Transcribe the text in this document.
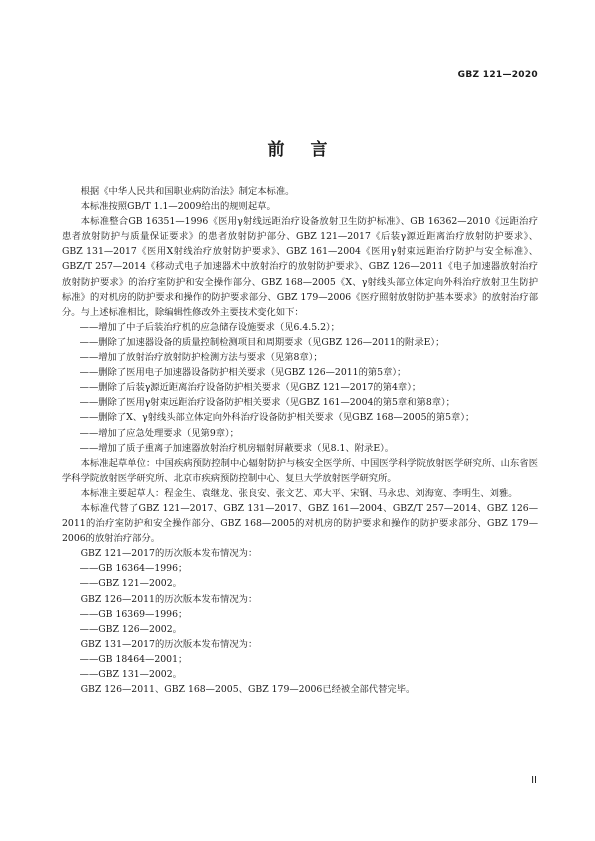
GBZ 121—2020
前 言

根据《中华人民共和国职业病防治法》制定本标准。

本标准按照GB/T 1.1—2009给出的规则起草。

本标准整合GB 16351—1996《医用γ射线远距治疗设备放射卫生防护标准》、GB 16362—2010《远距治疗患者放射防护与质量保证要求》的患者放射防护部分、GBZ 121—2017《后装γ源近距离治疗放射防护要求》、GBZ 131—2017《医用X射线治疗放射防护要求》、GBZ 161—2004《医用γ射束远距治疗防护与安全标准》、GBZ/T 257—2014《移动式电子加速器术中放射治疗的放射防护要求》、GBZ 126—2011《电子加速器放射治疗放射防护要求》的治疗室防护和安全操作部分、GBZ 168—2005《X、γ射线头部立体定向外科治疗放射卫生防护标准》的对机房的防护要求和操作的防护要求部分、GBZ 179—2006《医疗照射放射防护基本要求》的放射治疗部分。与上述标准相比，除编辑性修改外主要技术变化如下：

——增加了中子后装治疗机的应急储存设施要求（见6.4.5.2）；

——删除了加速器设备的质量控制检测项目和周期要求（见GBZ 126—2011的附录E）；

——增加了放射治疗放射防护检测方法与要求（见第8章）；

——删除了医用电子加速器设备防护相关要求（见GBZ 126—2011的第5章）；

——删除了后装γ源近距离治疗设备防护相关要求（见GBZ 121—2017的第4章）；

——删除了医用γ射束远距治疗设备防护相关要求（见GBZ 161—2004的第5章和第8章）；

——删除了X、γ射线头部立体定向外科治疗设备防护相关要求（见GBZ 168—2005的第5章）；

——增加了应急处理要求（见第9章）；

——增加了质子重离子加速器放射治疗机房辐射屏蔽要求（见8.1、附录E）。

本标准起草单位：中国疾病预防控制中心辐射防护与核安全医学所、中国医学科学院放射医学研究所、山东省医学科学院放射医学研究所、北京市疾病预防控制中心、复旦大学放射医学研究所。

本标准主要起草人：程金生、袁继龙、张良安、张文艺、邓大平、宋钢、马永忠、刘海宽、李明生、刘雅。

本标准代替了GBZ 121—2017、GBZ 131—2017、GBZ 161—2004、GBZ/T 257—2014、GBZ 126—2011的治疗室防护和安全操作部分、GBZ 168—2005的对机房的防护要求和操作的防护要求部分、GBZ 179—2006的放射治疗部分。

GBZ 121—2017的历次版本发布情况为：

——GB 16364—1996；

——GBZ 121—2002。

GBZ 126—2011的历次版本发布情况为：

——GB 16369—1996；

——GBZ 126—2002。

GBZ 131—2017的历次版本发布情况为：

——GB 18464—2001；

——GBZ 131—2002。

GBZ 126—2011、GBZ 168—2005、GBZ 179—2006已经被全部代替完毕。

II
